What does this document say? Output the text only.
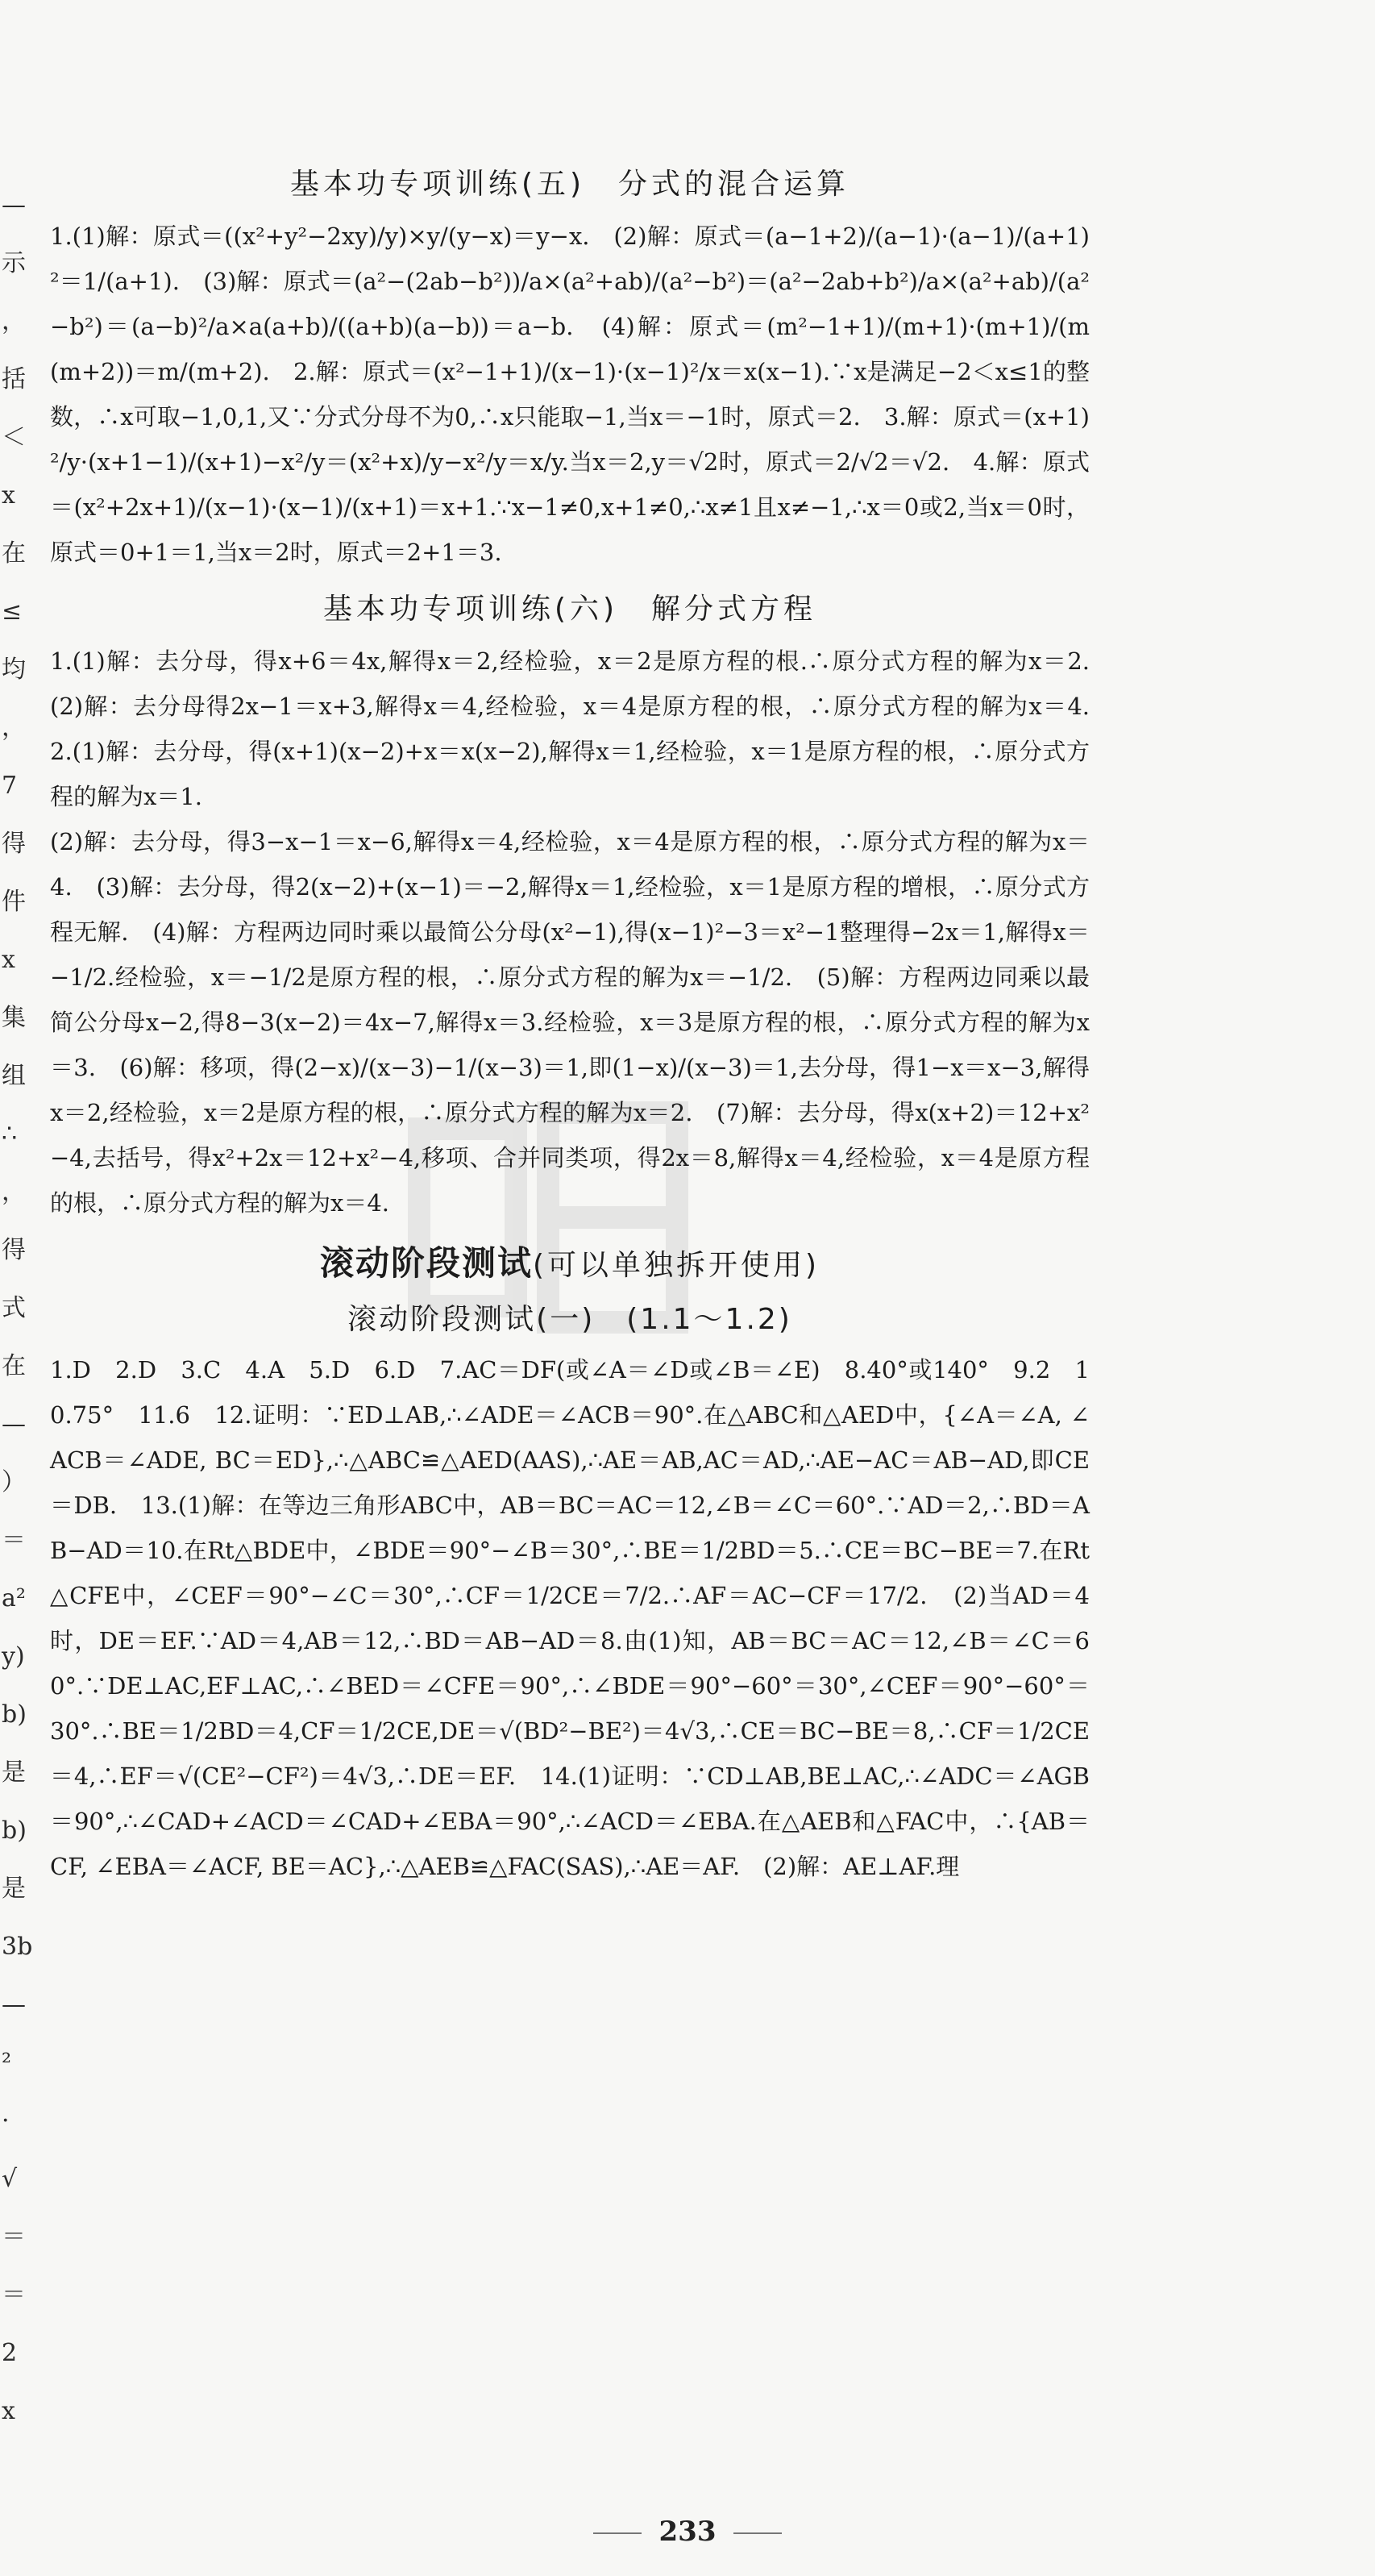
—
示
，
括
＜
x
在
≤
均
，
7
得
件
x
集
组
∴
，
得
式
在
—
）
＝
a²
y)
b)
是
b)
是
3b
—
²
·
√
＝
＝
2
x
基本功专项训练(五)　分式的混合运算

1.(1)解：原式＝((x²+y²−2xy)/y)×y/(y−x)＝y−x.　(2)解：原式＝(a−1+2)/(a−1)·(a−1)/(a+1)²＝1/(a+1).　(3)解：原式＝(a²−(2ab−b²))/a×(a²+ab)/(a²−b²)＝(a²−2ab+b²)/a×(a²+ab)/(a²−b²)＝(a−b)²/a×a(a+b)/((a+b)(a−b))＝a−b.　(4)解：原式＝(m²−1+1)/(m+1)·(m+1)/(m(m+2))＝m/(m+2).　2.解：原式＝(x²−1+1)/(x−1)·(x−1)²/x＝x(x−1).∵x是满足−2＜x≤1的整数，∴x可取−1,0,1,又∵分式分母不为0,∴x只能取−1,当x＝−1时，原式＝2.　3.解：原式＝(x+1)²/y·(x+1−1)/(x+1)−x²/y＝(x²+x)/y−x²/y＝x/y.当x＝2,y＝√2时，原式＝2/√2＝√2.　4.解：原式＝(x²+2x+1)/(x−1)·(x−1)/(x+1)＝x+1.∵x−1≠0,x+1≠0,∴x≠1且x≠−1,∴x＝0或2,当x＝0时，原式＝0+1＝1,当x＝2时，原式＝2+1＝3.

基本功专项训练(六)　解分式方程

1.(1)解：去分母，得x+6＝4x,解得x＝2,经检验，x＝2是原方程的根.∴原分式方程的解为x＝2.　(2)解：去分母得2x−1＝x+3,解得x＝4,经检验，x＝4是原方程的根，∴原分式方程的解为x＝4.　2.(1)解：去分母，得(x+1)(x−2)+x＝x(x−2),解得x＝1,经检验，x＝1是原方程的根，∴原分式方程的解为x＝1.

(2)解：去分母，得3−x−1＝x−6,解得x＝4,经检验，x＝4是原方程的根，∴原分式方程的解为x＝4.　(3)解：去分母，得2(x−2)+(x−1)＝−2,解得x＝1,经检验，x＝1是原方程的增根，∴原分式方程无解.　(4)解：方程两边同时乘以最简公分母(x²−1),得(x−1)²−3＝x²−1整理得−2x＝1,解得x＝−1/2.经检验，x＝−1/2是原方程的根，∴原分式方程的解为x＝−1/2.　(5)解：方程两边同乘以最简公分母x−2,得8−3(x−2)＝4x−7,解得x＝3.经检验，x＝3是原方程的根，∴原分式方程的解为x＝3.　(6)解：移项，得(2−x)/(x−3)−1/(x−3)＝1,即(1−x)/(x−3)＝1,去分母，得1−x＝x−3,解得x＝2,经检验，x＝2是原方程的根，∴原分式方程的解为x＝2.　(7)解：去分母，得x(x+2)＝12+x²−4,去括号，得x²+2x＝12+x²−4,移项、合并同类项，得2x＝8,解得x＝4,经检验，x＝4是原方程的根，∴原分式方程的解为x＝4.

滚动阶段测试(可以单独拆开使用)
滚动阶段测试(一)　(1.1～1.2)

1.D　2.D　3.C　4.A　5.D　6.D　7.AC＝DF(或∠A＝∠D或∠B＝∠E)　8.40°或140°　9.2　10.75°　11.6　12.证明：∵ED⊥AB,∴∠ADE＝∠ACB＝90°.在△ABC和△AED中，{∠A＝∠A, ∠ACB＝∠ADE, BC＝ED},∴△ABC≌△AED(AAS),∴AE＝AB,AC＝AD,∴AE−AC＝AB−AD,即CE＝DB.　13.(1)解：在等边三角形ABC中，AB＝BC＝AC＝12,∠B＝∠C＝60°.∵AD＝2,∴BD＝AB−AD＝10.在Rt△BDE中，∠BDE＝90°−∠B＝30°,∴BE＝1/2BD＝5.∴CE＝BC−BE＝7.在Rt△CFE中，∠CEF＝90°−∠C＝30°,∴CF＝1/2CE＝7/2.∴AF＝AC−CF＝17/2.　(2)当AD＝4时，DE＝EF.∵AD＝4,AB＝12,∴BD＝AB−AD＝8.由(1)知，AB＝BC＝AC＝12,∠B＝∠C＝60°.∵DE⊥AC,EF⊥AC,∴∠BED＝∠CFE＝90°,∴∠BDE＝90°−60°＝30°,∠CEF＝90°−60°＝30°.∴BE＝1/2BD＝4,CF＝1/2CE,DE＝√(BD²−BE²)＝4√3,∴CE＝BC−BE＝8,∴CF＝1/2CE＝4,∴EF＝√(CE²−CF²)＝4√3,∴DE＝EF.　14.(1)证明：∵CD⊥AB,BE⊥AC,∴∠ADC＝∠AGB＝90°,∴∠CAD+∠ACD＝∠CAD+∠EBA＝90°,∴∠ACD＝∠EBA.在△AEB和△FAC中，∴{AB＝CF, ∠EBA＝∠ACF, BE＝AC},∴△AEB≌△FAC(SAS),∴AE＝AF.　(2)解：AE⊥AF.理

233
